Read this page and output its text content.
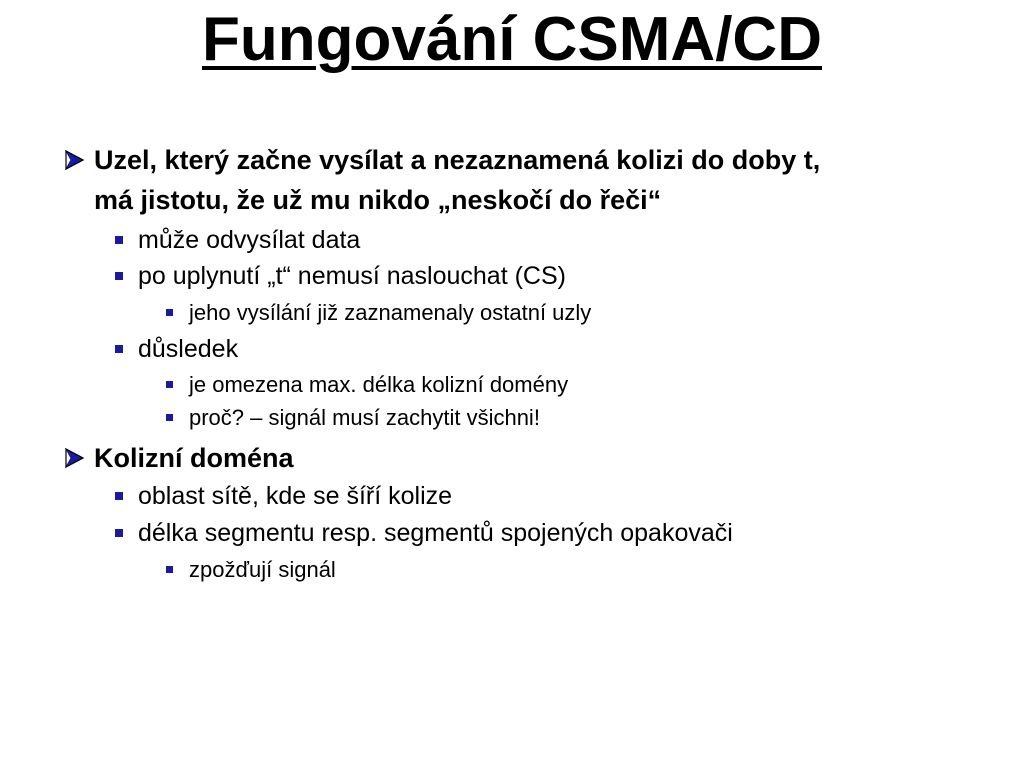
Fungování CSMA/CD
Uzel, který začne vysílat a nezaznamená kolizi do doby t,
má jistotu, že už mu nikdo „neskočí do řeči“
může odvysílat data
po uplynutí „t“ nemusí naslouchat (CS)
jeho vysílání již zaznamenaly ostatní uzly
důsledek
je omezena max. délka kolizní domény
proč? – signál musí zachytit všichni!
Kolizní doména
oblast sítě, kde se šíří kolize
délka segmentu resp. segmentů spojených opakovači
zpožďují signál
